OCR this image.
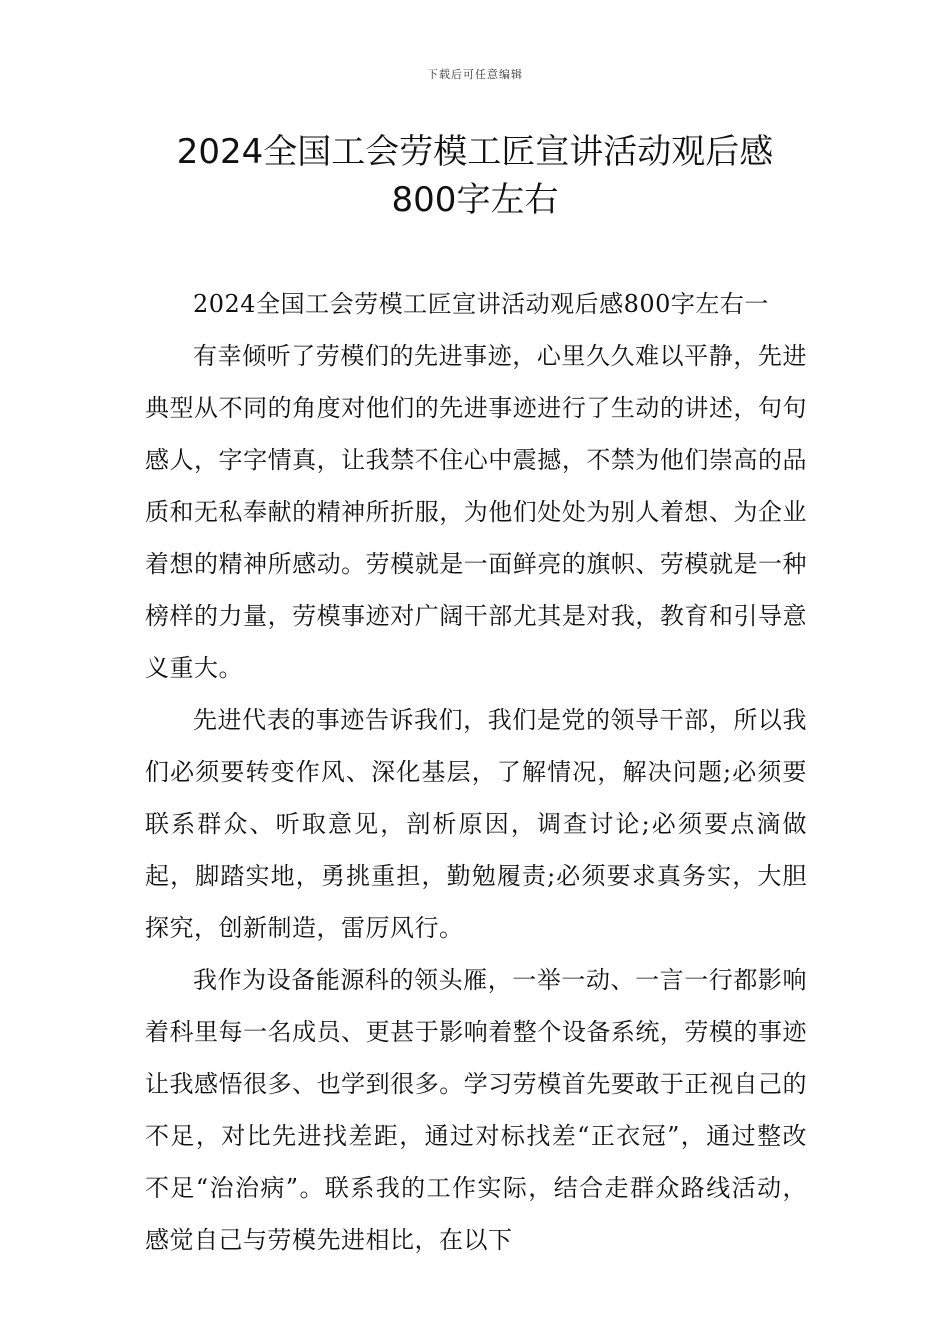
下载后可任意编辑
2024全国工会劳模工匠宣讲活动观后感
800字左右

2024全国工会劳模工匠宣讲活动观后感800字左右一

有幸倾听了劳模们的先进事迹，心里久久难以平静，先进典型从不同的角度对他们的先进事迹进行了生动的讲述，句句感人，字字情真，让我禁不住心中震撼，不禁为他们崇高的品质和无私奉献的精神所折服，为他们处处为别人着想、为企业着想的精神所感动。劳模就是一面鲜亮的旗帜、劳模就是一种榜样的力量，劳模事迹对广阔干部尤其是对我，教育和引导意义重大。

先进代表的事迹告诉我们，我们是党的领导干部，所以我们必须要转变作风、深化基层，了解情况，解决问题;必须要联系群众、听取意见，剖析原因，调查讨论;必须要点滴做起，脚踏实地，勇挑重担，勤勉履责;必须要求真务实，大胆探究，创新制造，雷厉风行。

我作为设备能源科的领头雁，一举一动、一言一行都影响着科里每一名成员、更甚于影响着整个设备系统，劳模的事迹让我感悟很多、也学到很多。学习劳模首先要敢于正视自己的不足，对比先进找差距，通过对标找差“正衣冠”，通过整改不足“治治病”。联系我的工作实际，结合走群众路线活动，感觉自己与劳模先进相比，在以下
